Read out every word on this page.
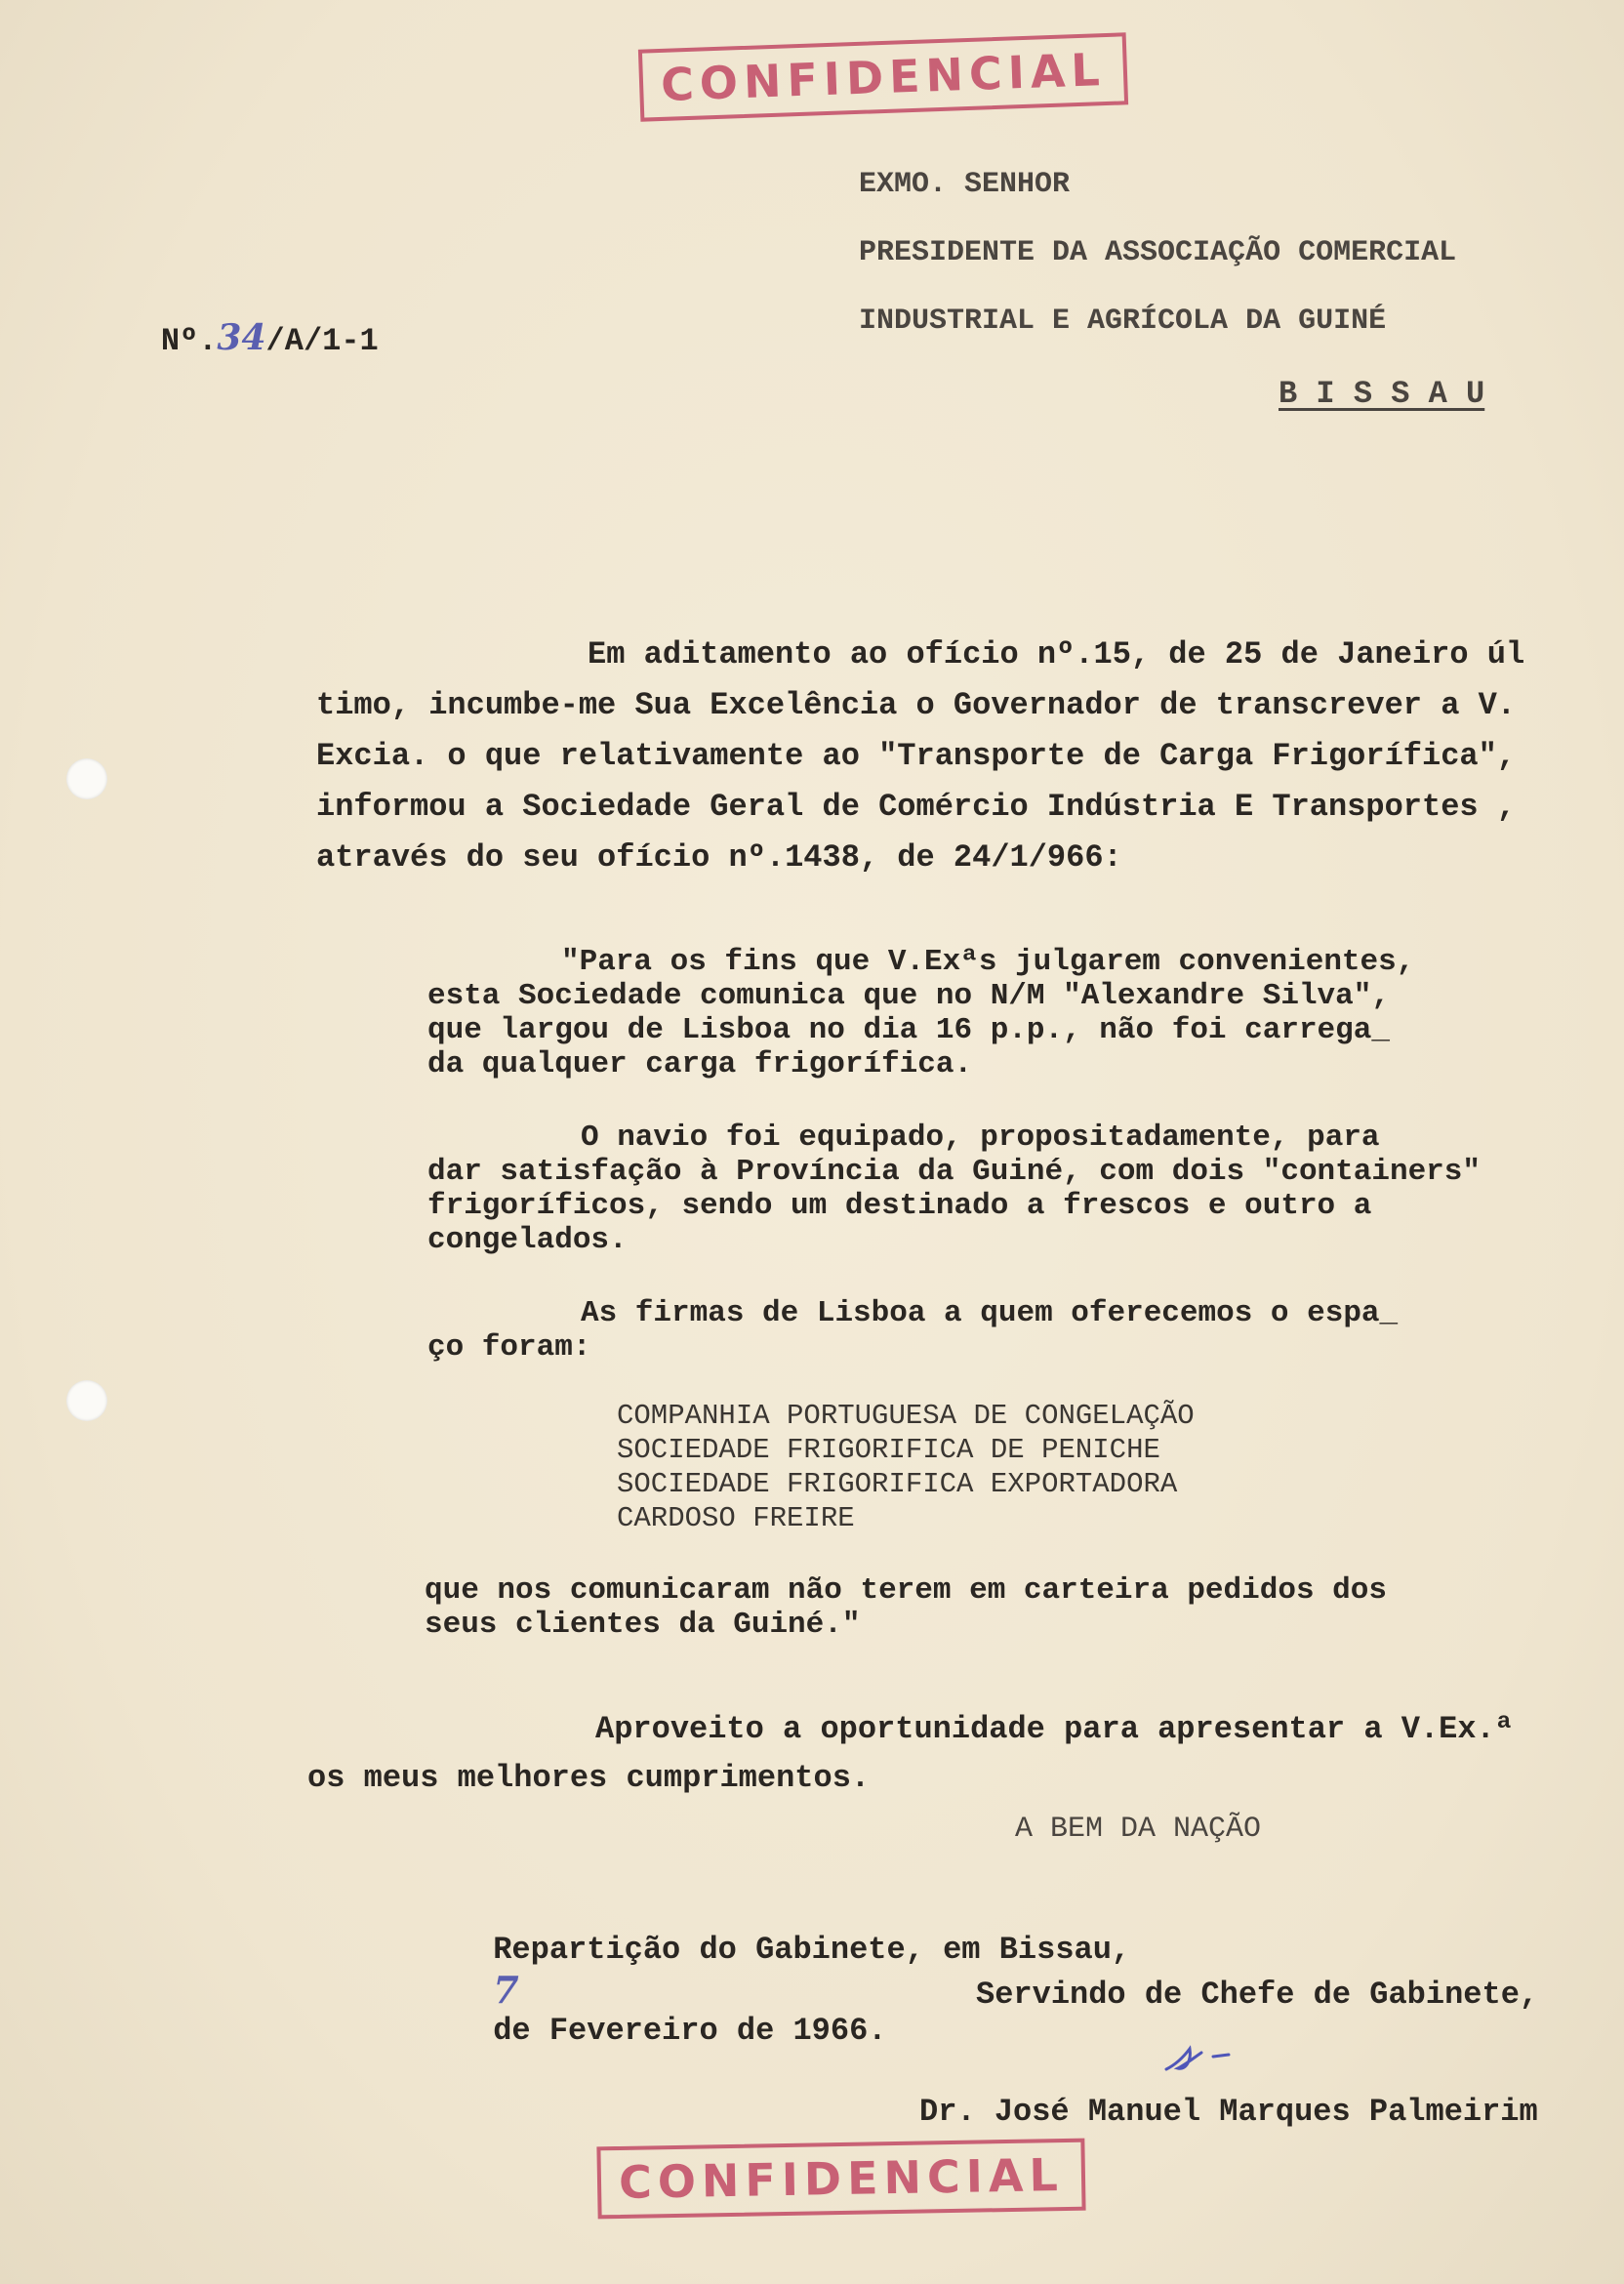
CONFIDENCIAL

Nº.34/A/1-1

EXMO. SENHOR
PRESIDENTE DA ASSOCIAÇÃO COMERCIAL
INDUSTRIAL E AGRÍCOLA DA GUINÉ
B I S S A U
Em aditamento ao ofício nº.15, de 25 de Janeiro úl
timo, incumbe-me Sua Excelência o Governador de transcrever a V.
Excia. o que relativamente ao "Transporte de Carga Frigorífica",
informou a Sociedade Geral de Comércio Indústria E Transportes ,
através do seu ofício nº.1438, de 24/1/966:
"Para os fins que V.Exªs julgarem convenientes,
esta Sociedade comunica que no N/M "Alexandre Silva",
que largou de Lisboa no dia 16 p.p., não foi carrega_
da qualquer carga frigorífica.
O navio foi equipado, propositadamente, para
dar satisfação à Província da Guiné, com dois "containers"
frigoríficos, sendo um destinado a frescos e outro a
congelados.
As firmas de Lisboa a quem oferecemos o espa_
ço foram:
COMPANHIA PORTUGUESA DE CONGELAÇÃO
SOCIEDADE FRIGORIFICA DE PENICHE
SOCIEDADE FRIGORIFICA EXPORTADORA
CARDOSO FREIRE
que nos comunicaram não terem em carteira pedidos dos
seus clientes da Guiné."
Aproveito a oportunidade para apresentar a V.Ex.ª
os meus melhores cumprimentos.
A BEM DA NAÇÃO

Repartição do Gabinete, em Bissau,
7
de Fevereiro de 1966.

Servindo de Chefe de Gabinete,
Dr. José Manuel Marques Palmeirim
CONFIDENCIAL
